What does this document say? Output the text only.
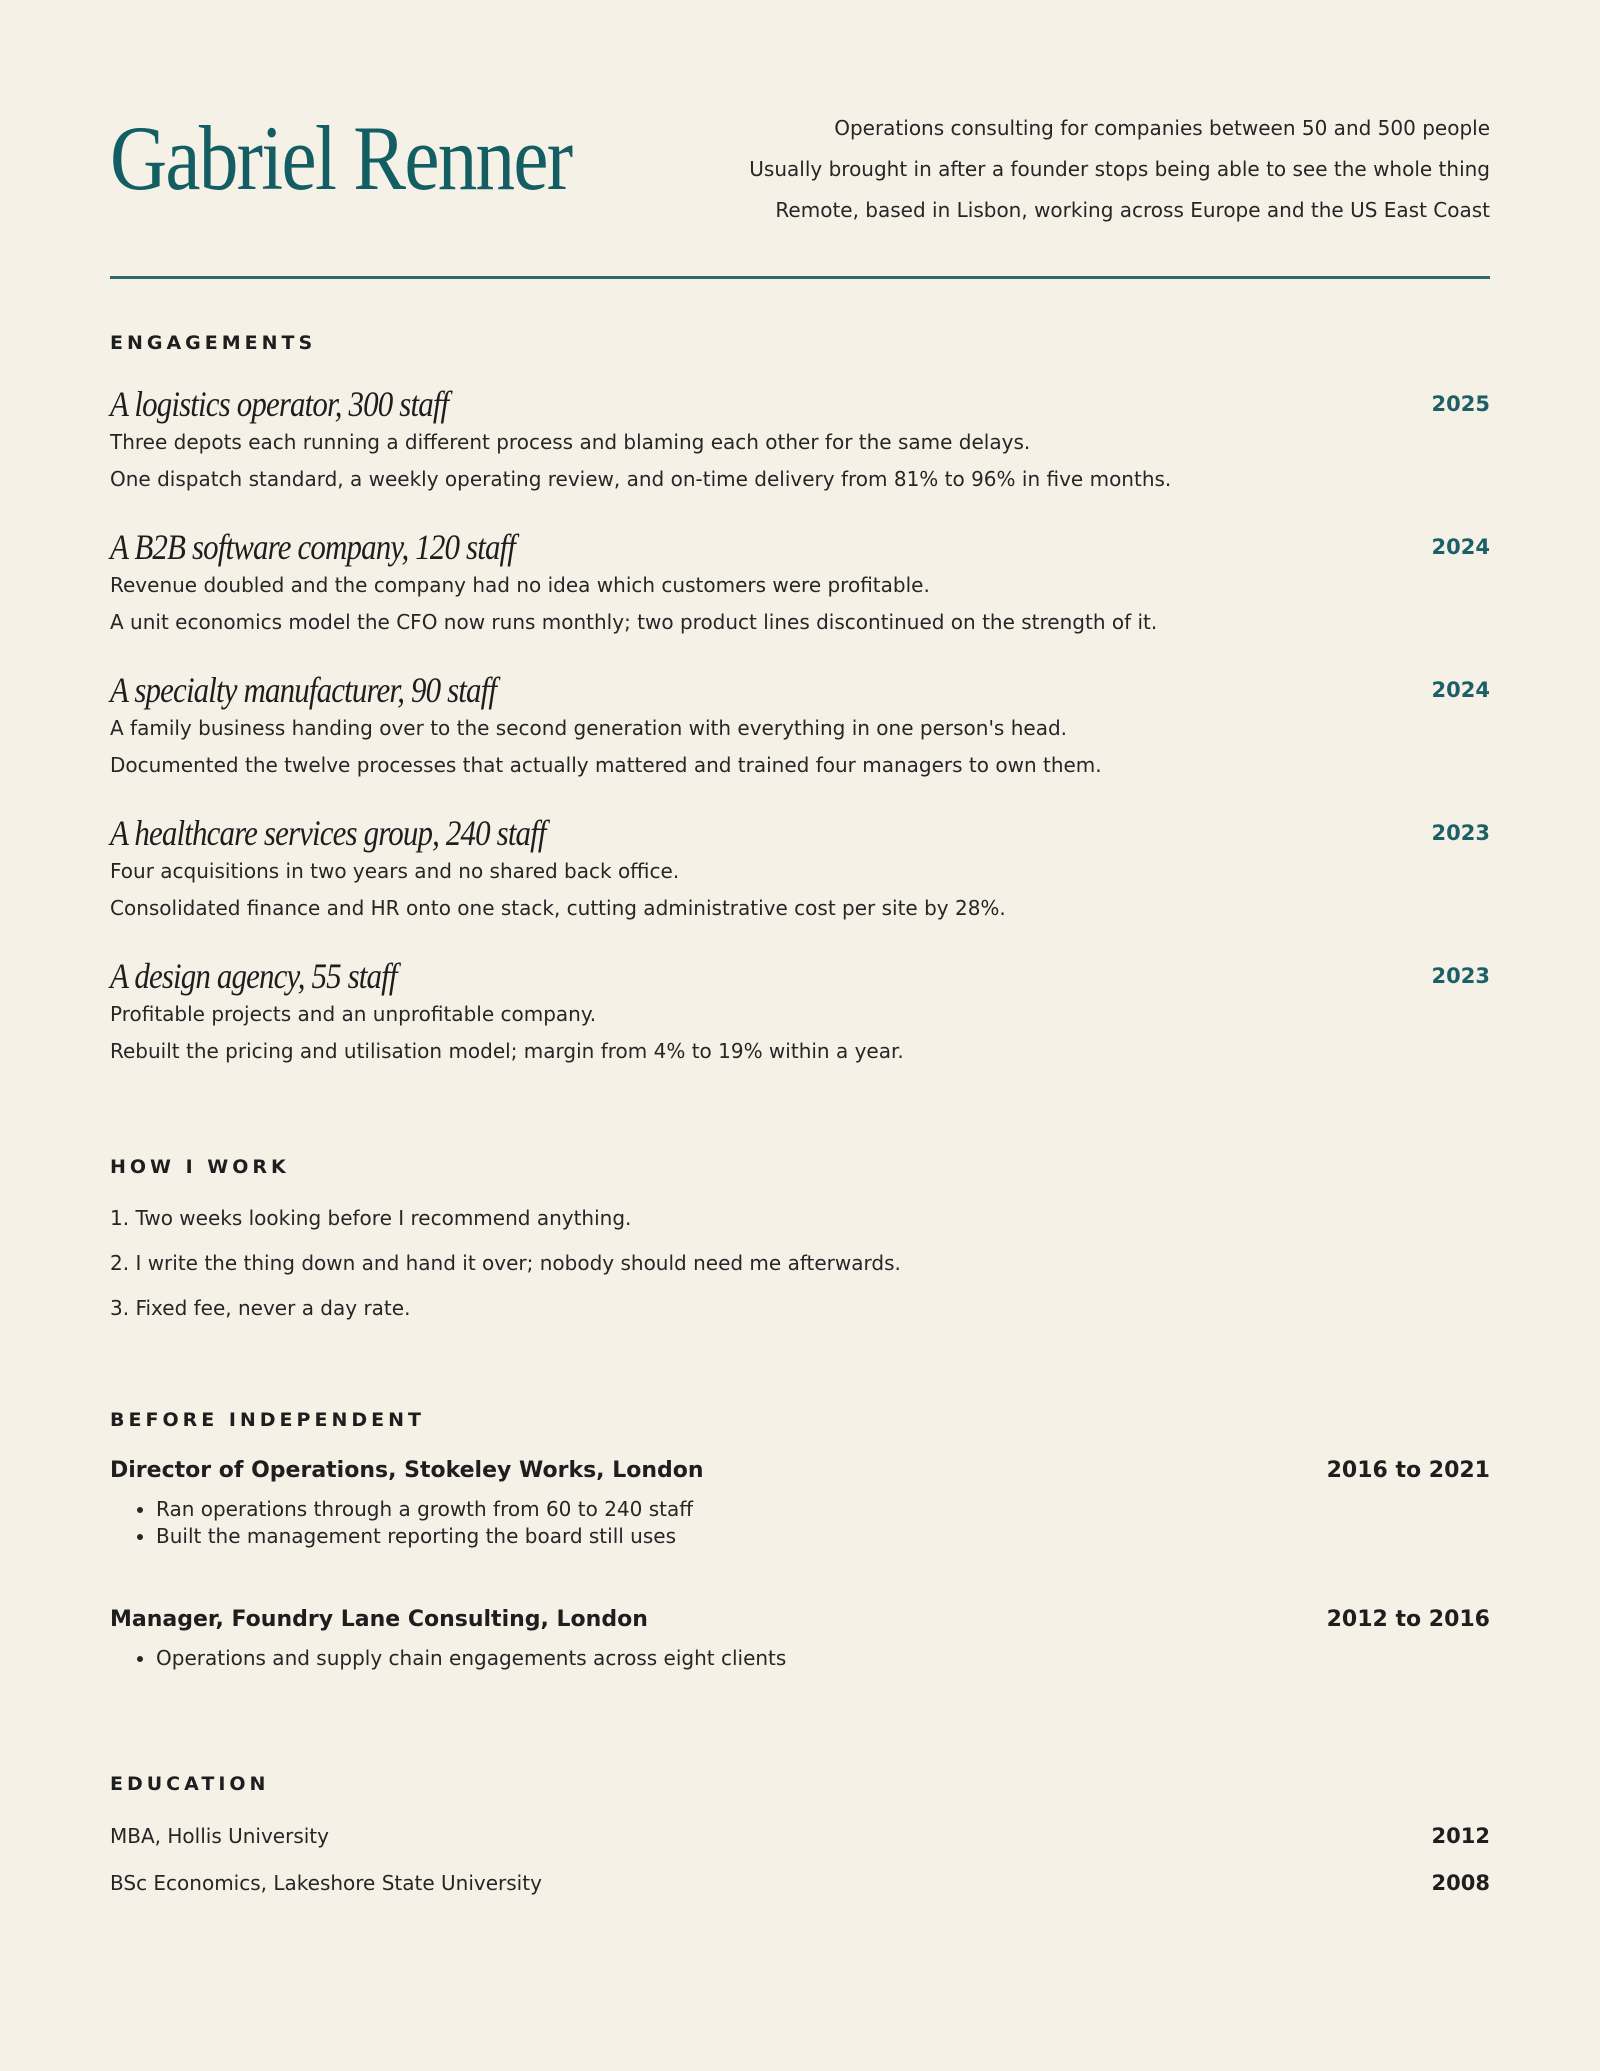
Gabriel Renner	Operations consulting for companies between 50 and 500 people
Usually brought in after a founder stops being able to see the whole thing
Remote, based in Lisbon, working across Europe and the US East Coast
ENGAGEMENTS
A logistics operator, 300 staff	2025
Three depots each running a different process and blaming each other for the same delays.
One dispatch standard, a weekly operating review, and on-time delivery from 81% to 96% in five months.
A B2B software company, 120 staff	2024
Revenue doubled and the company had no idea which customers were profitable.
A unit economics model the CFO now runs monthly; two product lines discontinued on the strength of it.
A specialty manufacturer, 90 staff	2024
A family business handing over to the second generation with everything in one person's head.
Documented the twelve processes that actually mattered and trained four managers to own them.
A healthcare services group, 240 staff	2023
Four acquisitions in two years and no shared back office.
Consolidated finance and HR onto one stack, cutting administrative cost per site by 28%.
A design agency, 55 staff	2023
Profitable projects and an unprofitable company.
Rebuilt the pricing and utilisation model; margin from 4% to 19% within a year.
HOW I WORK
1. Two weeks looking before I recommend anything.
2. I write the thing down and hand it over; nobody should need me afterwards.
3. Fixed fee, never a day rate.
BEFORE INDEPENDENT
Director of Operations, Stokeley Works, London	2016 to 2021
• Ran operations through a growth from 60 to 240 staff
• Built the management reporting the board still uses
Manager, Foundry Lane Consulting, London	2012 to 2016
• Operations and supply chain engagements across eight clients
EDUCATION
MBA, Hollis University	2012
BSc Economics, Lakeshore State University	2008
